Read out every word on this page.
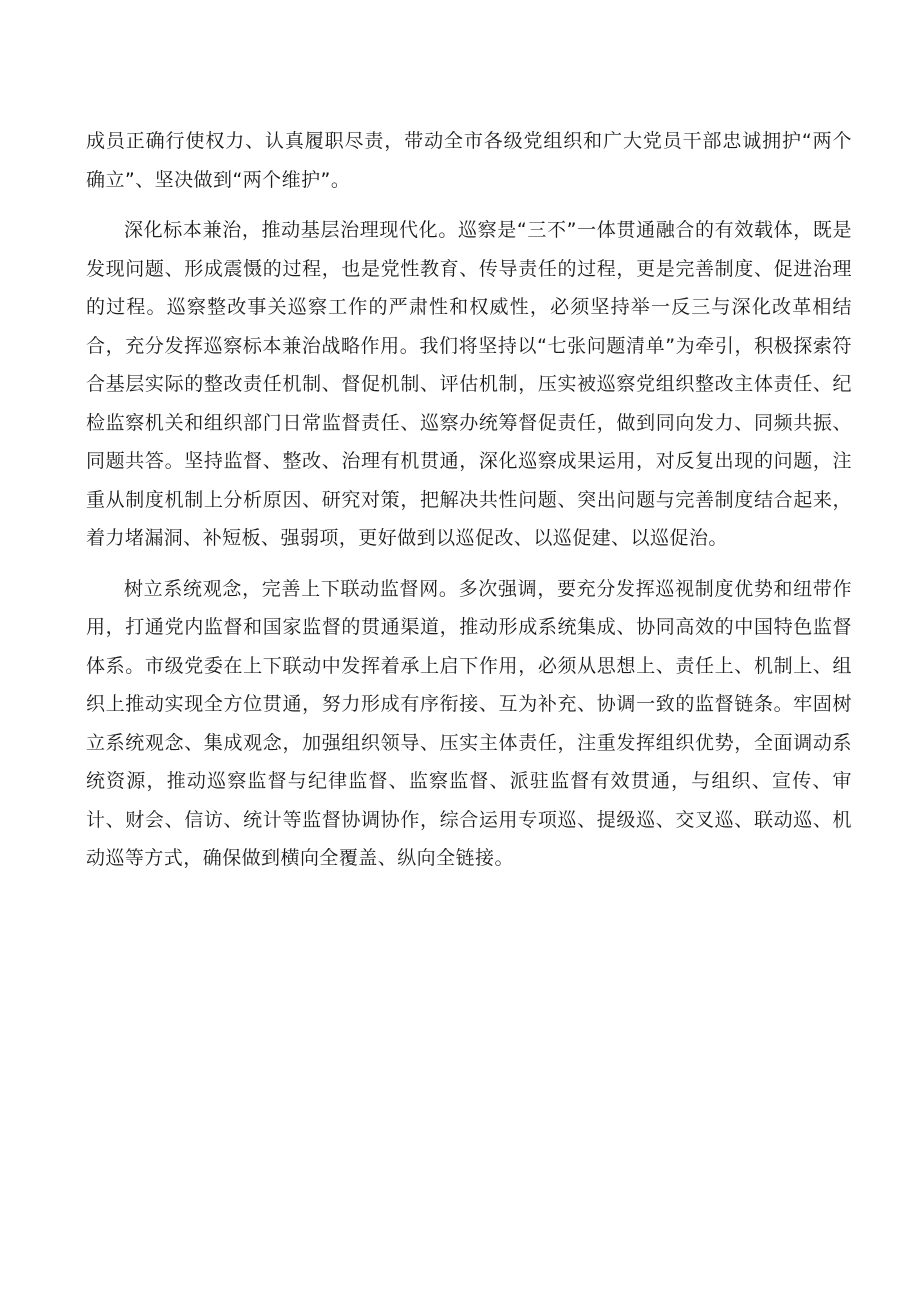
成员正确行使权力、认真履职尽责，带动全市各级党组织和广大党员干部忠诚拥护“两个确立”、坚决做到“两个维护”。

深化标本兼治，推动基层治理现代化。巡察是“三不”一体贯通融合的有效载体，既是发现问题、形成震慑的过程，也是党性教育、传导责任的过程，更是完善制度、促进治理的过程。巡察整改事关巡察工作的严肃性和权威性，必须坚持举一反三与深化改革相结合，充分发挥巡察标本兼治战略作用。我们将坚持以“七张问题清单”为牵引，积极探索符合基层实际的整改责任机制、督促机制、评估机制，压实被巡察党组织整改主体责任、纪检监察机关和组织部门日常监督责任、巡察办统筹督促责任，做到同向发力、同频共振、同题共答。坚持监督、整改、治理有机贯通，深化巡察成果运用，对反复出现的问题，注重从制度机制上分析原因、研究对策，把解决共性问题、突出问题与完善制度结合起来，着力堵漏洞、补短板、强弱项，更好做到以巡促改、以巡促建、以巡促治。

树立系统观念，完善上下联动监督网。多次强调，要充分发挥巡视制度优势和纽带作用，打通党内监督和国家监督的贯通渠道，推动形成系统集成、协同高效的中国特色监督体系。市级党委在上下联动中发挥着承上启下作用，必须从思想上、责任上、机制上、组织上推动实现全方位贯通，努力形成有序衔接、互为补充、协调一致的监督链条。牢固树立系统观念、集成观念，加强组织领导、压实主体责任，注重发挥组织优势，全面调动系统资源，推动巡察监督与纪律监督、监察监督、派驻监督有效贯通，与组织、宣传、审计、财会、信访、统计等监督协调协作，综合运用专项巡、提级巡、交叉巡、联动巡、机动巡等方式，确保做到横向全覆盖、纵向全链接。
